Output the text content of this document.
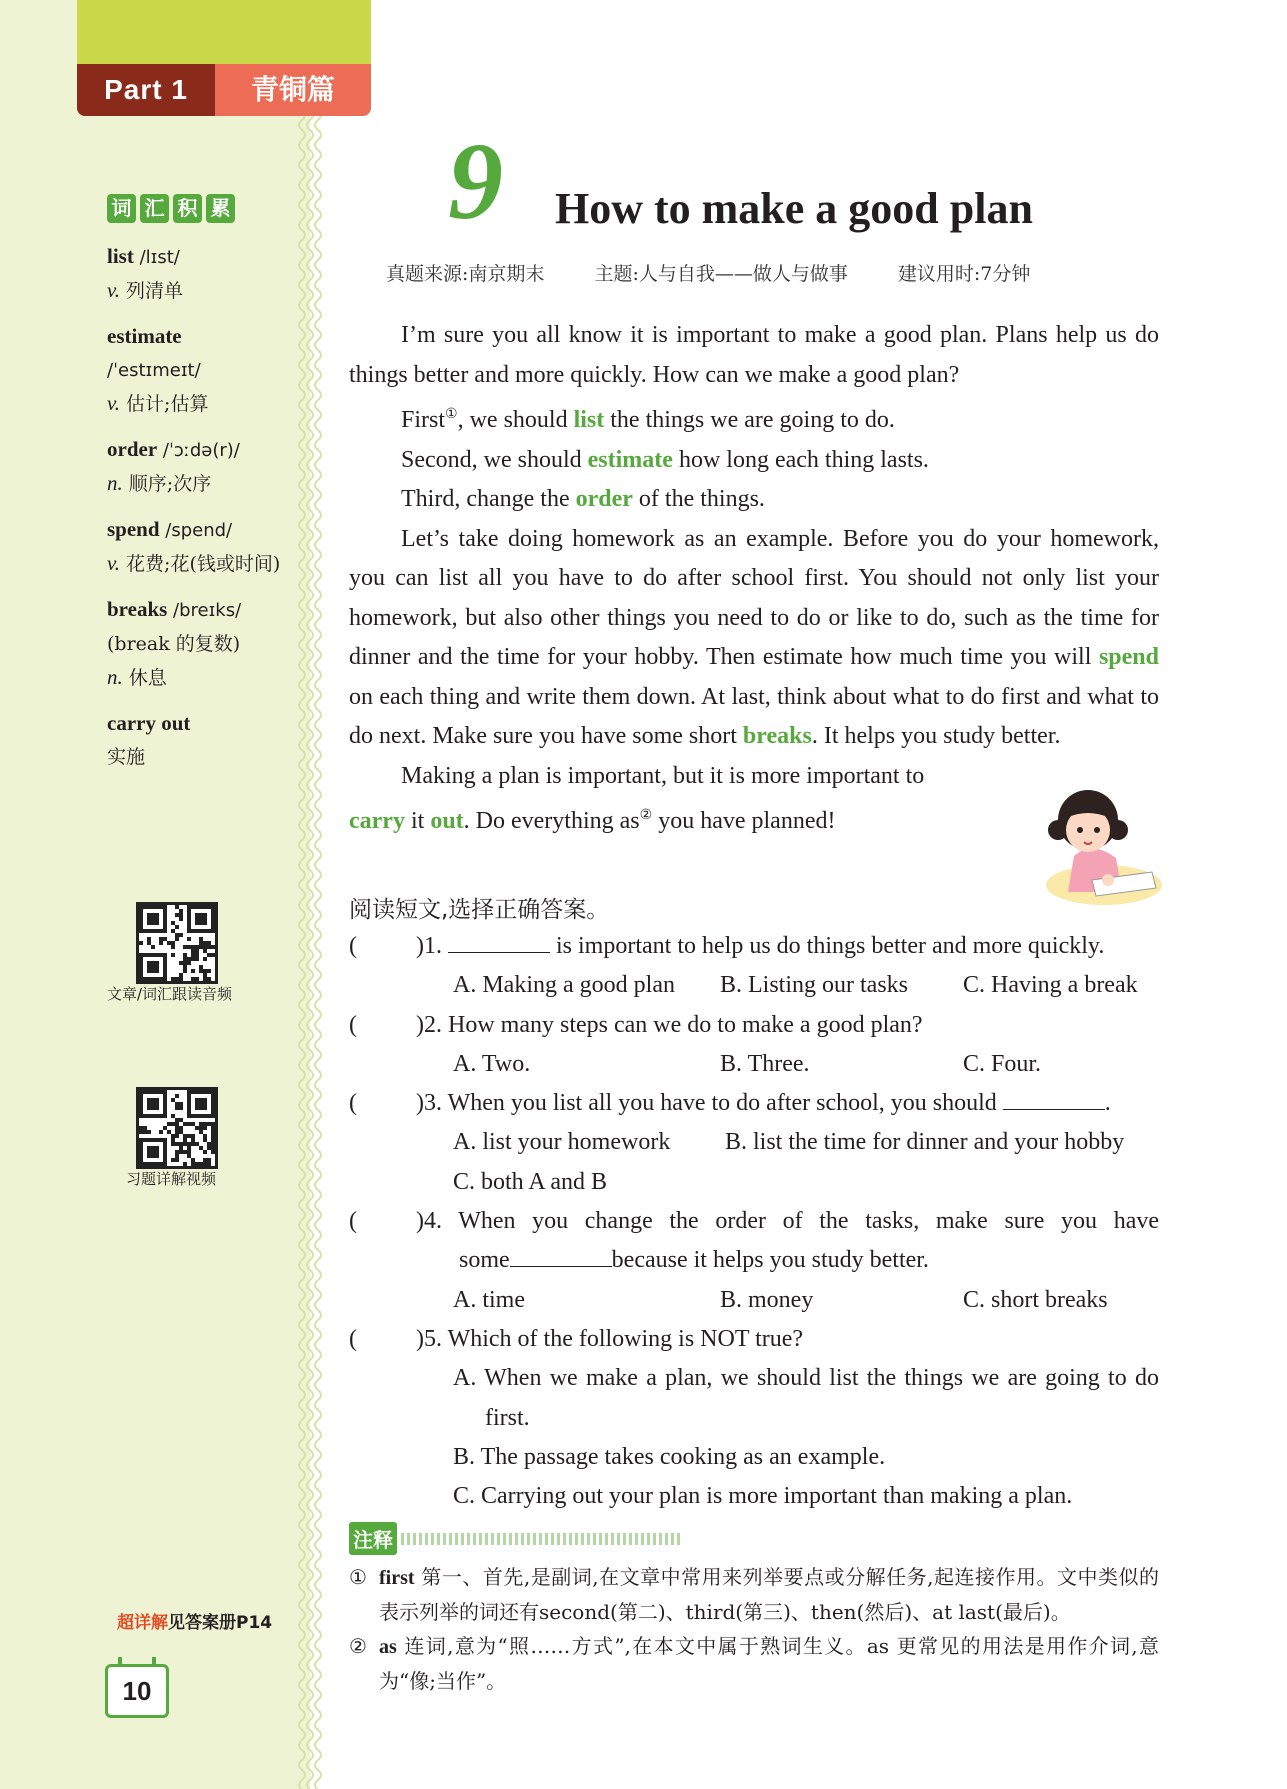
Part 1	青铜篇
词 汇 积 累
list /lɪst/
v. 列清单
estimate
/ˈestɪmeɪt/
v. 估计;估算
order /ˈɔːdə(r)/
n. 顺序;次序
spend /spend/
v. 花费;花(钱或时间)
breaks /breɪks/
(break 的复数)
n. 休息
carry out
实施
文章/词汇跟读音频
习题详解视频
超详解见答案册P14
10
9 How to make a good plan
真题来源:南京期末	主题:人与自我——做人与做事	建议用时:7分钟

I’m sure you all know it is important to make a good plan. Plans help us do things better and more quickly. How can we make a good plan?

First①, we should list the things we are going to do.

Second, we should estimate how long each thing lasts.

Third, change the order of the things.

Let’s take doing homework as an example. Before you do your homework, you can list all you have to do after school first. You should not only list your homework, but also other things you need to do or like to do, such as the time for dinner and the time for your hobby. Then estimate how much time you will spend on each thing and write them down. At last, think about what to do first and what to do next. Make sure you have some short breaks. It helps you study better.

Making a plan is important, but it is more important to

carry it out. Do everything as② you have planned!

阅读短文,选择正确答案。
( )1.	is important to help us do things better and more quickly.
A. Making a good plan	B. Listing our tasks	C. Having a break
( )2. How many steps can we do to make a good plan?
A. Two.	B. Three.	C. Four.
( )3. When you list all you have to do after school, you should	.
A. list your homework	B. list the time for dinner and your hobby
C. both A and B
( )4. When you change the order of the tasks, make sure you have
some	because it helps you study better.
A. time	B. money	C. short breaks
( )5. Which of the following is NOT true?
A. When we make a plan, we should list the things we are going to do first.
B. The passage takes cooking as an example.
C. Carrying out your plan is more important than making a plan.
注释
① first 第一、首先,是副词,在文章中常用来列举要点或分解任务,起连接作用。文中类似的表示列举的词还有second(第二)、third(第三)、then(然后)、at last(最后)。
② as 连词,意为“照……方式”,在本文中属于熟词生义。as 更常见的用法是用作介词,意为“像;当作”。
